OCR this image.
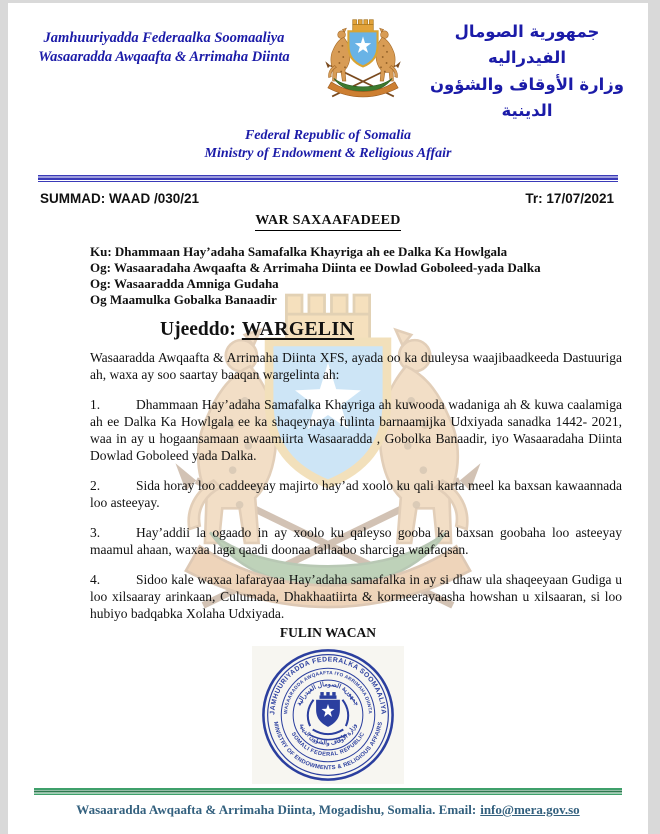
Jamhuuriyadda Federaalka Soomaaliya
Wasaaradda Awqaafta & Arrimaha Diinta
جمهورية الصومال الفيدراليه
وزارة الأوقاف والشؤون الدينية
Federal Republic of Somalia
Ministry of Endowment & Religious Affair
SUMMAD: WAAD /030/21	Tr: 17/07/2021
WAR SAXAAFADEED
Ku: Dhammaan Hay’adaha Samafalka Khayriga ah ee Dalka Ka Howlgala
Og: Wasaaradaha Awqaafta & Arrimaha Diinta ee Dowlad Goboleed-yada Dalka
Og: Wasaaradda Amniga Gudaha
Og Maamulka Gobalka Banaadir
Ujeeddo: WARGELIN
Wasaaradda Awqaafta & Arrimaha Diinta XFS, ayada oo ka duuleysa waajibaadkeeda Dastuuriga ah, waxa ay soo saartay baaqan wargelinta ah:
1.	Dhammaan Hay’adaha Samafalka Khayriga ah kuwooda wadaniga ah & kuwa caalamiga ah ee Dalka Ka Howlgala ee ka shaqeynaya fulinta barnaamijka Udxiyada sanadka 1442- 2021, waa in ay u hogaansamaan awaamiirta Wasaaradda , Gobolka Banaadir, iyo Wasaaradaha Diinta Dowlad Goboleed yada Dalka.
2.	Sida horay loo caddeeyay majirto hay’ad xoolo ku qali karta meel ka baxsan kawaannada loo asteeyay.
3.	Hay’addii la ogaado in ay xoolo ku qaleyso gooba ka baxsan goobaha loo asteeyay maamul ahaan, waxaa laga qaadi doonaa tallaabo sharciga waafaqsan.
4.	Sidoo kale waxaa lafarayaa Hay’adaha samafalka in ay si dhaw ula shaqeeyaan Gudiga u loo xilsaaray arinkaan, Culumada, Dhakhaatiirta & kormeerayaasha howshan u xilsaaran, si loo hubiyo badqabka Xolaha Udxiyada.
FULIN WACAN
JAMHUURIYADDA FEDERALKA SOOMAALIYA
WASAARADDA AWQAAFTA IYO ARRIMAHA DIINTA
جمهورية الصومال الفيدرالية
وزارة الأوقاف والشؤون الدينية
SOMALI FEDERAL REPUBLIC
MINISTRY OF ENDOWMENTS & RELIGIOUS AFFAIRS
Wasaaradda Awqaafta & Arrimaha Diinta, Mogadishu, Somalia. Email: info@mera.gov.so
